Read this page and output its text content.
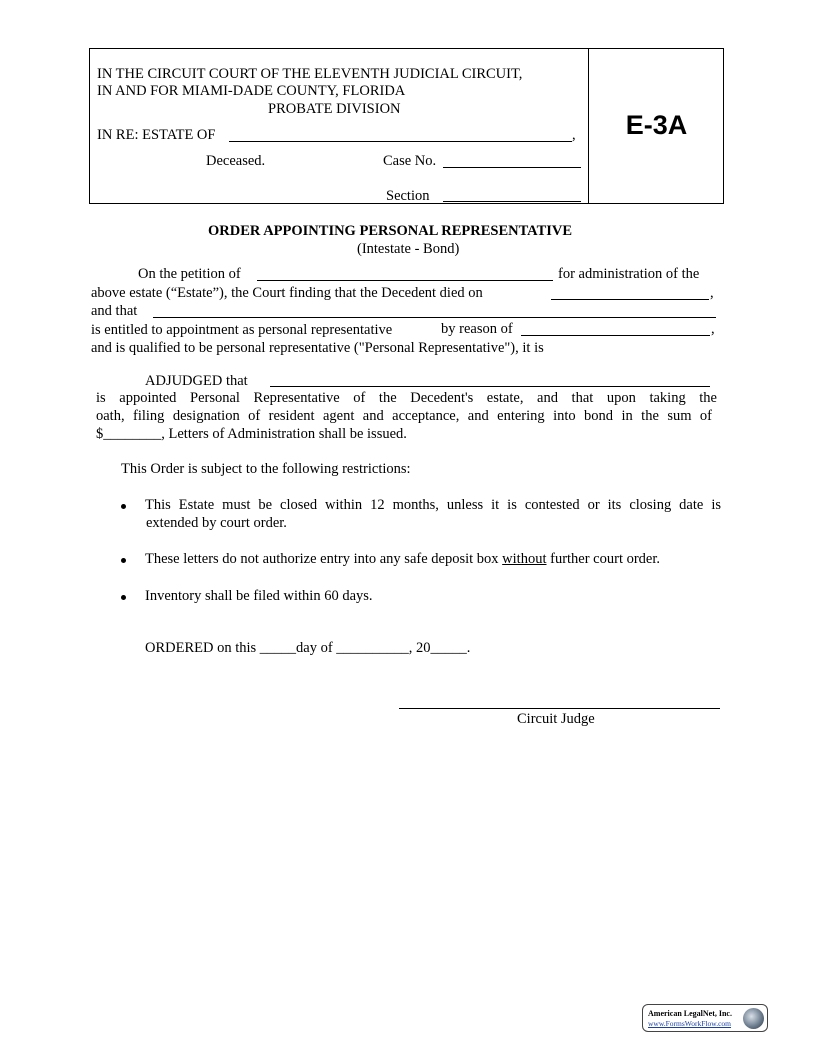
IN THE CIRCUIT COURT OF THE ELEVENTH JUDICIAL CIRCUIT,
IN AND FOR MIAMI-DADE COUNTY, FLORIDA
PROBATE DIVISION
IN RE: ESTATE OF	,
Deceased.	Case No.
Section
E-3A
ORDER APPOINTING PERSONAL REPRESENTATIVE
(Intestate - Bond)
On the petition of	for administration of the
above estate (“Estate”), the Court finding that the Decedent died on	,
and that
is entitled to appointment as personal representative	by reason of	,
and is qualified to be personal representative ("Personal Representative"), it is
ADJUDGED that
is appointed Personal Representative of the Decedent's estate, and that upon taking the
oath, filing designation of resident agent and acceptance, and entering into bond in the sum of
$________, Letters of Administration shall be issued.
This Order is subject to the following restrictions:
This Estate must be closed within 12 months, unless it is contested or its closing date is
extended by court order.
These letters do not authorize entry into any safe deposit box without further court order.
Inventory shall be filed within 60 days.
ORDERED on this _____day of __________, 20_____.
Circuit Judge
American LegalNet, Inc.
www.FormsWorkFlow.com
